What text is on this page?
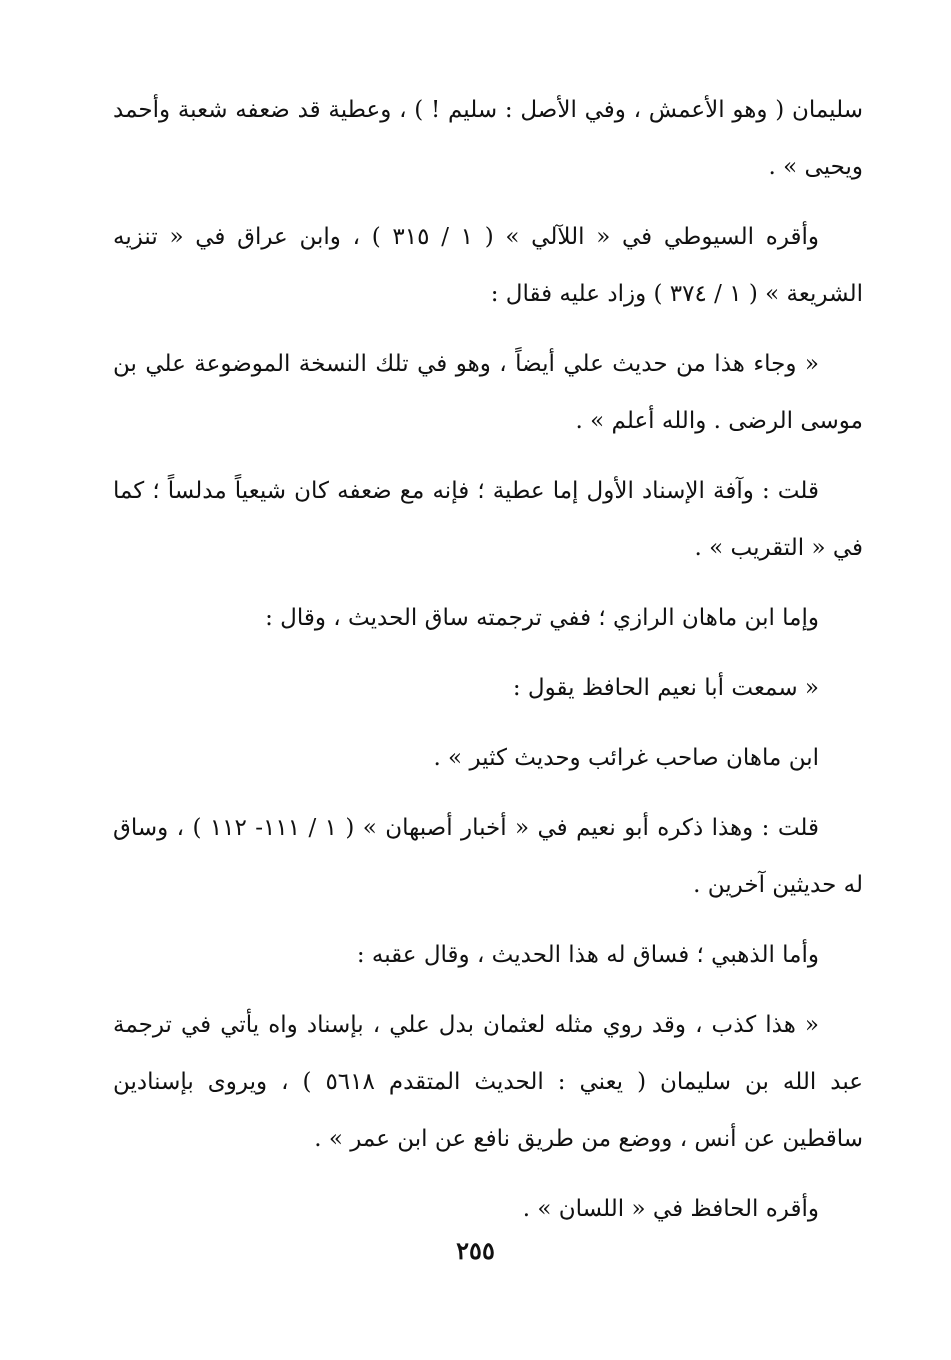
سليمان ( وهو الأعمش ، وفي الأصل : سليم ! ) ، وعطية قد ضعفه شعبة وأحمد ويحيى » .

وأقره السيوطي في « اللآلي » ( ١ / ٣١٥ ) ، وابن عراق في « تنزيه الشريعة » ( ١ / ٣٧٤ ) وزاد عليه فقال :

« وجاء هذا من حديث علي أيضاً ، وهو في تلك النسخة الموضوعة علي بن موسى الرضى . والله أعلم » .

قلت : وآفة الإسناد الأول إما عطية ؛ فإنه مع ضعفه كان شيعياً مدلساً ؛ كما في « التقريب » .

وإما ابن ماهان الرازي ؛ ففي ترجمته ساق الحديث ، وقال :

« سمعت أبا نعيم الحافظ يقول :

ابن ماهان صاحب غرائب وحديث كثير » .

قلت : وهذا ذكره أبو نعيم في « أخبار أصبهان » ( ١ / ١١١- ١١٢ ) ، وساق له حديثين آخرين .

وأما الذهبي ؛ فساق له هذا الحديث ، وقال عقبه :

« هذا كذب ، وقد روي مثله لعثمان بدل علي ، بإسناد واه يأتي في ترجمة عبد الله بن سليمان ( يعني : الحديث المتقدم ٥٦١٨ ) ، ويروى بإسنادين ساقطين عن أنس ، ووضع من طريق نافع عن ابن عمر » .

وأقره الحافظ في « اللسان » .

٢٥٥
